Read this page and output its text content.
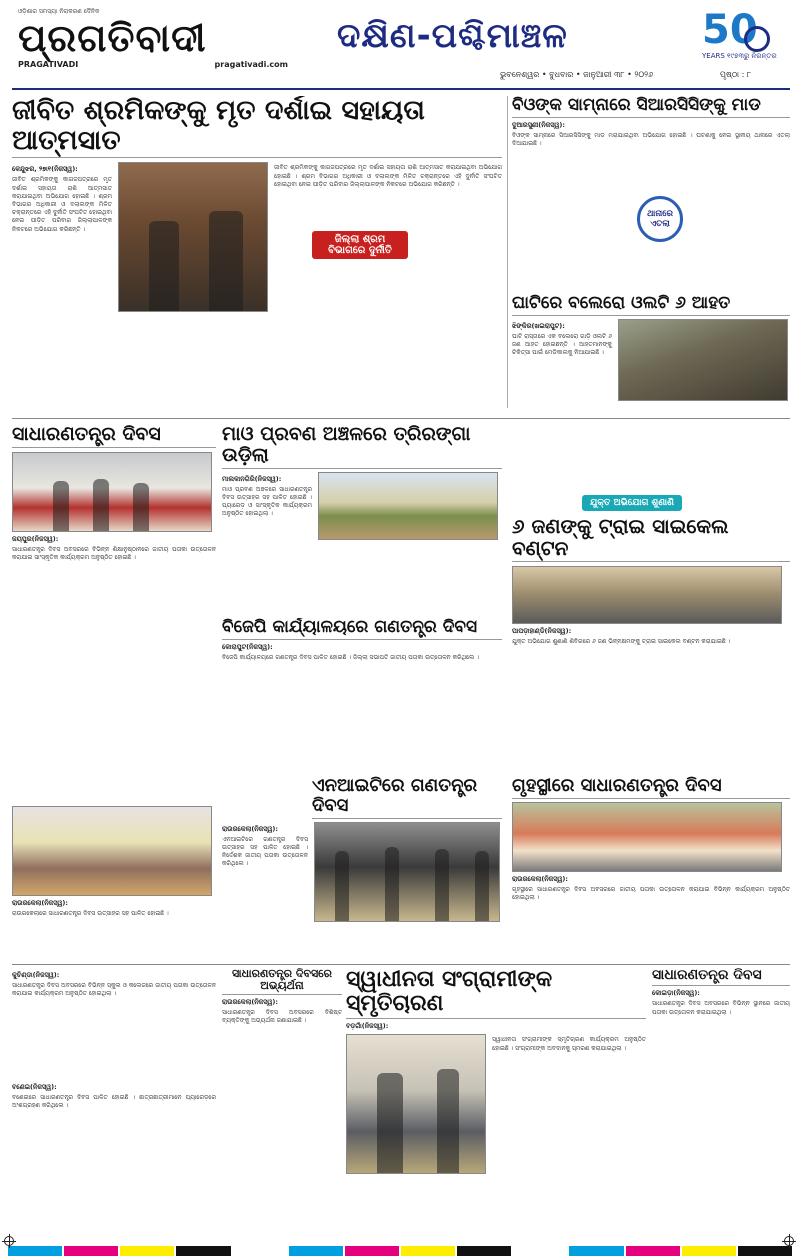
ଓଡ଼ିଶାର ସମସ୍ୟା ନିରାକରଣ ଦୈନିକ
ପ୍ରଗତିବାଦୀ
PRAGATIVADI	pragativadi.com
ଦକ୍ଷିଣ-ପଶ୍ଚିମାଞ୍ଚଳ	50
YEARS ୧୯୭୩ରୁ ନିରନ୍ତର
ଭୁବନେଶ୍ୱର • ବୁଧବାର • ଜାନୁଆରୀ ୩୮ • ୨୦୨୬	ପୃଷ୍ଠା : ୮
ଜୀବିତ ଶ୍ରମିକଙ୍କୁ ମୃତ ଦର୍ଶାଇ ସହାୟତା ଆତ୍ମସାତ
କେନ୍ଦୁଝର, ୨୭ା୧(ନିଜସ୍ୱ):
ଜୀବିତ ଶ୍ରମିକଙ୍କୁ କାଗଜପତ୍ରରେ ମୃତ ଦର୍ଶାଇ ସହାୟତା ରାଶି ଆତ୍ମସାତ କରାଯାଇଥିବା ଅଭିଯୋଗ ହୋଇଛି । ଶ୍ରମ ବିଭାଗର ଅଧିକାରୀ ଓ ଦଲାଲଙ୍କ ମିଳିତ ଚକ୍ରାନ୍ତରେ ଏହି ଦୁର୍ନୀତି ସଂଘଟିତ ହୋଇଥିବା ନେଇ ପୀଡ଼ିତ ପରିବାର ଜିଲ୍ଲାପାଳଙ୍କ ନିକଟରେ ଅଭିଯୋଗ କରିଛନ୍ତି ।
ଜୀବିତ ଶ୍ରମିକଙ୍କୁ କାଗଜପତ୍ରରେ ମୃତ ଦର୍ଶାଇ ସହାୟତା ରାଶି ଆତ୍ମସାତ କରାଯାଇଥିବା ଅଭିଯୋଗ ହୋଇଛି । ଶ୍ରମ ବିଭାଗର ଅଧିକାରୀ ଓ ଦଲାଲଙ୍କ ମିଳିତ ଚକ୍ରାନ୍ତରେ ଏହି ଦୁର୍ନୀତି ସଂଘଟିତ ହୋଇଥିବା ନେଇ ପୀଡ଼ିତ ପରିବାର ଜିଲ୍ଲାପାଳଙ୍କ ନିକଟରେ ଅଭିଯୋଗ କରିଛନ୍ତି ।
ଜିଲ୍ଲା ଶ୍ରମ ବିଭାଗରେ ଦୁର୍ନୀତି
ବିଓଙ୍କ ସାମ୍ନାରେ ସିଆରସିସିଙ୍କୁ ମାଡ
ଦୁଆରସୁଣୀ(ନିଜସ୍ୱ):
ବିଓଙ୍କ ସାମ୍ନାରେ ସିଆରସିସିଙ୍କୁ ମାଡ ମରାଯାଇଥିବା ଅଭିଯୋଗ ହୋଇଛି । ଘଟଣାକୁ ନେଇ ସ୍ଥାନୀୟ ଥାନାରେ ଏତଲା ଦିଆଯାଇଛି ।
ଥାନାରେ ଏତଲା
ଘାଟିରେ ବଲେରୋ ଓଲଟି ୬ ଆହତ
ଝିଙ୍କିର(ଖଇରାପୁଟ):
ଘାଟି ରାସ୍ତାରେ ଏକ ବଲେରୋ ଗାଡ଼ି ଓଲଟି ୬ ଜଣ ଆହତ ହୋଇଛନ୍ତି । ଆହତମାନଙ୍କୁ ଚିକିତ୍ସା ପାଇଁ ମେଡିକାଲକୁ ନିଆଯାଇଛି ।
ସାଧାରଣତନ୍ତ୍ର ଦିବସ
ଜୟପୁର(ନିଜସ୍ୱ):
ସାଧାରଣତନ୍ତ୍ର ଦିବସ ଅବସରରେ ବିଭିନ୍ନ ଶିକ୍ଷାନୁଷ୍ଠାନରେ ଜାତୀୟ ପତାକା ଉତ୍ତୋଳନ କରାଯାଇ ସାଂସ୍କୃତିକ କାର୍ଯ୍ୟକ୍ରମ ଅନୁଷ୍ଠିତ ହୋଇଛି ।
ମାଓ ପ୍ରବଣ ଅଞ୍ଚଳରେ ତ୍ରିରଙ୍ଗା ଉଡ଼ିଲା
ମାଲକାନଗିରି(ନିଜସ୍ୱ):
ମାଓ ପ୍ରବଣ ଅଞ୍ଚଳରେ ସାଧାରଣତନ୍ତ୍ର ଦିବସ ଉତ୍ସାହର ସହ ପାଳିତ ହୋଇଛି । ପ୍ୟାରେଡ଼ ଓ ସାଂସ୍କୃତିକ କାର୍ଯ୍ୟକ୍ରମ ଅନୁଷ୍ଠିତ ହୋଇଥିଲା ।
ଯୁକ୍ତ ଅଭିଯୋଗ ଶୁଣାଣି
୬ ଜଣଙ୍କୁ ଟ୍ରାଇ ସାଇକେଲ ବଣ୍ଟନ
ପାପଡ଼ାହାଣ୍ଡି(ନିଜସ୍ୱ):
ଯୁକ୍ତ ଅଭିଯୋଗ ଶୁଣାଣି ଶିବିରରେ ୬ ଜଣ ଭିନ୍ନକ୍ଷମଙ୍କୁ ଟ୍ରାଇ ସାଇକେଲ ବଣ୍ଟନ କରାଯାଇଛି ।
ବିଜେପି କାର୍ଯ୍ୟାଳୟରେ ଗଣତନ୍ତ୍ର ଦିବସ
କୋରାପୁଟ(ନିଜସ୍ୱ):
ବିଜେପି କାର୍ଯ୍ୟାଳୟରେ ଗଣତନ୍ତ୍ର ଦିବସ ପାଳିତ ହୋଇଛି । ଜିଲ୍ଲା ସଭାପତି ଜାତୀୟ ପତାକା ଉତ୍ତୋଳନ କରିଥିଲେ ।
ରାଉରକେଲା(ନିଜସ୍ୱ):
ରାଉରକେଲାରେ ସାଧାରଣତନ୍ତ୍ର ଦିବସ ଉତ୍ସାହର ସହ ପାଳିତ ହୋଇଛି ।
ଏନଆଇଟିରେ ଗଣତନ୍ତ୍ର ଦିବସ
ରାଉରକେଲା(ନିଜସ୍ୱ):
ଏନଆଇଟିରେ ଗଣତନ୍ତ୍ର ଦିବସ ଉତ୍ସାହର ସହ ପାଳିତ ହୋଇଛି । ନିର୍ଦ୍ଦେଶକ ଜାତୀୟ ପତାକା ଉତ୍ତୋଳନ କରିଥିଲେ ।
ଗୃହସ୍ଥୀରେ ସାଧାରଣତନ୍ତ୍ର ଦିବସ
ରାଉରକେଲା(ନିଜସ୍ୱ):
ଗୃହସ୍ଥୀରେ ସାଧାରଣତନ୍ତ୍ର ଦିବସ ଅବସରରେ ଜାତୀୟ ପତାକା ଉତ୍ତୋଳନ କରାଯାଇ ବିଭିନ୍ନ କାର୍ଯ୍ୟକ୍ରମ ଅନୁଷ୍ଠିତ ହୋଇଥିଲା ।
କୁଚିଣ୍ଡା(ନିଜସ୍ୱ):
ସାଧାରଣତନ୍ତ୍ର ଦିବସ ଅବସରରେ ବିଭିନ୍ନ ସ୍କୁଲ ଓ କଲେଜରେ ଜାତୀୟ ପତାକା ଉତ୍ତୋଳନ କରାଯାଇ କାର୍ଯ୍ୟକ୍ରମ ଅନୁଷ୍ଠିତ ହୋଇଥିଲା ।
ବଣେଇ(ନିଜସ୍ୱ):
ବଣେଇରେ ସାଧାରଣତନ୍ତ୍ର ଦିବସ ପାଳିତ ହୋଇଛି । ଛାତ୍ରଛାତ୍ରୀମାନେ ପ୍ୟାରେଡ଼ରେ ଅଂଶଗ୍ରହଣ କରିଥିଲେ ।
ସାଧାରଣତନ୍ତ୍ର ଦିବସରେ ଅଭ୍ୟର୍ଥନା
ରାଉରକେଲା(ନିଜସ୍ୱ):
ସାଧାରଣତନ୍ତ୍ର ଦିବସ ଅବସରରେ ବିଶିଷ୍ଟ ବ୍ୟକ୍ତିଙ୍କୁ ଅଭ୍ୟର୍ଥନା ଜଣାଯାଇଛି ।
ସ୍ୱାଧୀନତା ସଂଗ୍ରାମୀଙ୍କ ସ୍ମୃତିଚାରଣ
ବଡ଼ଗାଁ(ନିଜସ୍ୱ):
ସ୍ୱାଧୀନତା ସଂଗ୍ରାମୀଙ୍କ ସ୍ମୃତିଚାରଣ କାର୍ଯ୍ୟକ୍ରମ ଅନୁଷ୍ଠିତ ହୋଇଛି । ସଂଗ୍ରାମୀଙ୍କ ଅବଦାନକୁ ସ୍ମରଣ କରାଯାଇଥିଲା ।
ସାଧାରଣତନ୍ତ୍ର ଦିବସ
କୋଇଡ଼ା(ନିଜସ୍ୱ):
ସାଧାରଣତନ୍ତ୍ର ଦିବସ ଅବସରରେ ବିଭିନ୍ନ ସ୍ଥାନରେ ଜାତୀୟ ପତାକା ଉତ୍ତୋଳନ କରାଯାଇଥିଲା ।
